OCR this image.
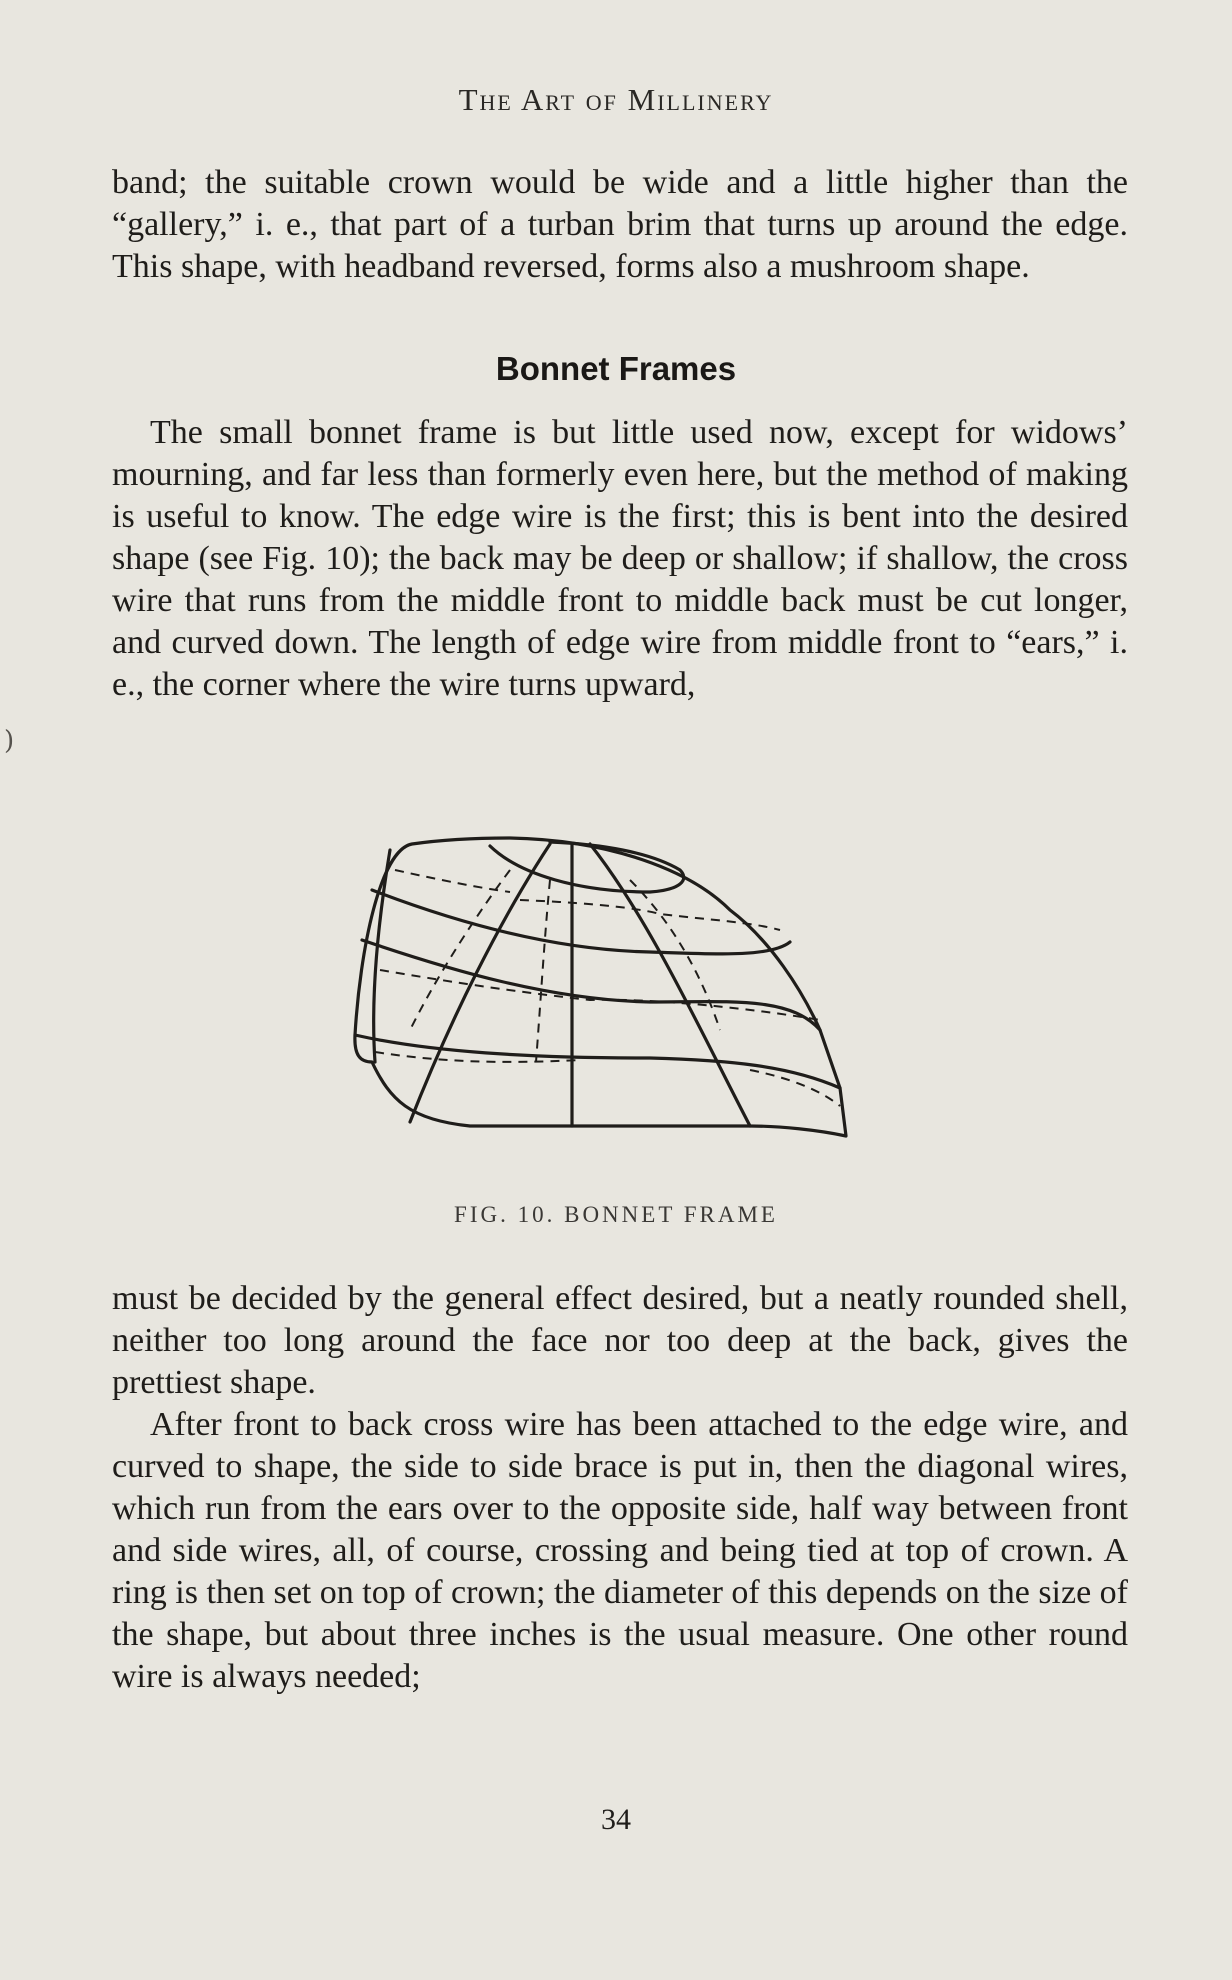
The Art of Millinery

band; the suitable crown would be wide and a little higher than the “gallery,” i. e., that part of a turban brim that turns up around the edge. This shape, with headband reversed, forms also a mushroom shape.

Bonnet Frames

The small bonnet frame is but little used now, except for widows’ mourning, and far less than formerly even here, but the method of making is useful to know. The edge wire is the first; this is bent into the desired shape (see Fig. 10); the back may be deep or shallow; if shallow, the cross wire that runs from the middle front to middle back must be cut longer, and curved down. The length of edge wire from middle front to “ears,” i. e., the corner where the wire turns upward,

)
FIG. 10. BONNET FRAME

must be decided by the general effect desired, but a neatly rounded shell, neither too long around the face nor too deep at the back, gives the prettiest shape.

After front to back cross wire has been attached to the edge wire, and curved to shape, the side to side brace is put in, then the diagonal wires, which run from the ears over to the opposite side, half way between front and side wires, all, of course, crossing and being tied at top of crown. A ring is then set on top of crown; the diameter of this depends on the size of the shape, but about three inches is the usual measure. One other round wire is always needed;

34
